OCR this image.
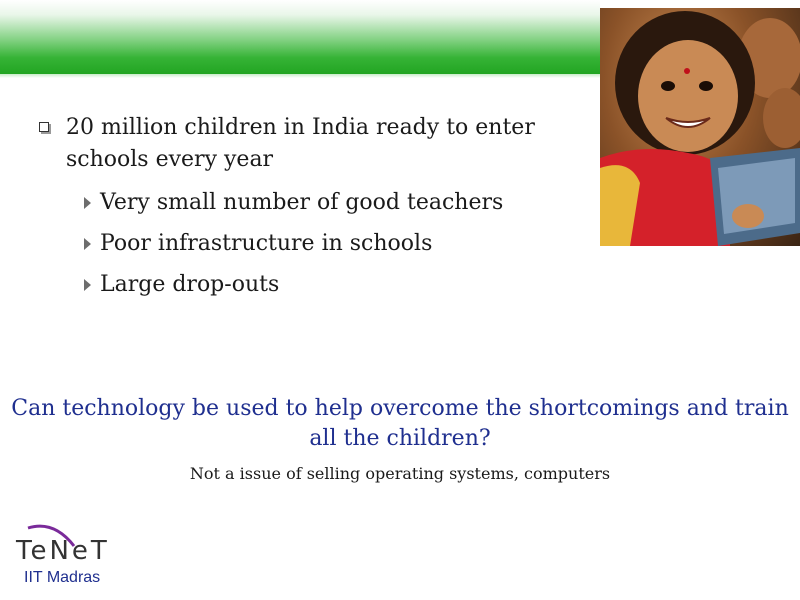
20 million children in India ready to enter schools every year
Very small number of good teachers
Poor infrastructure in schools
Large drop-outs
Can technology be used to help overcome the shortcomings and train all the children?
Not a issue of selling operating systems, computers
TeNeT
IIT Madras
